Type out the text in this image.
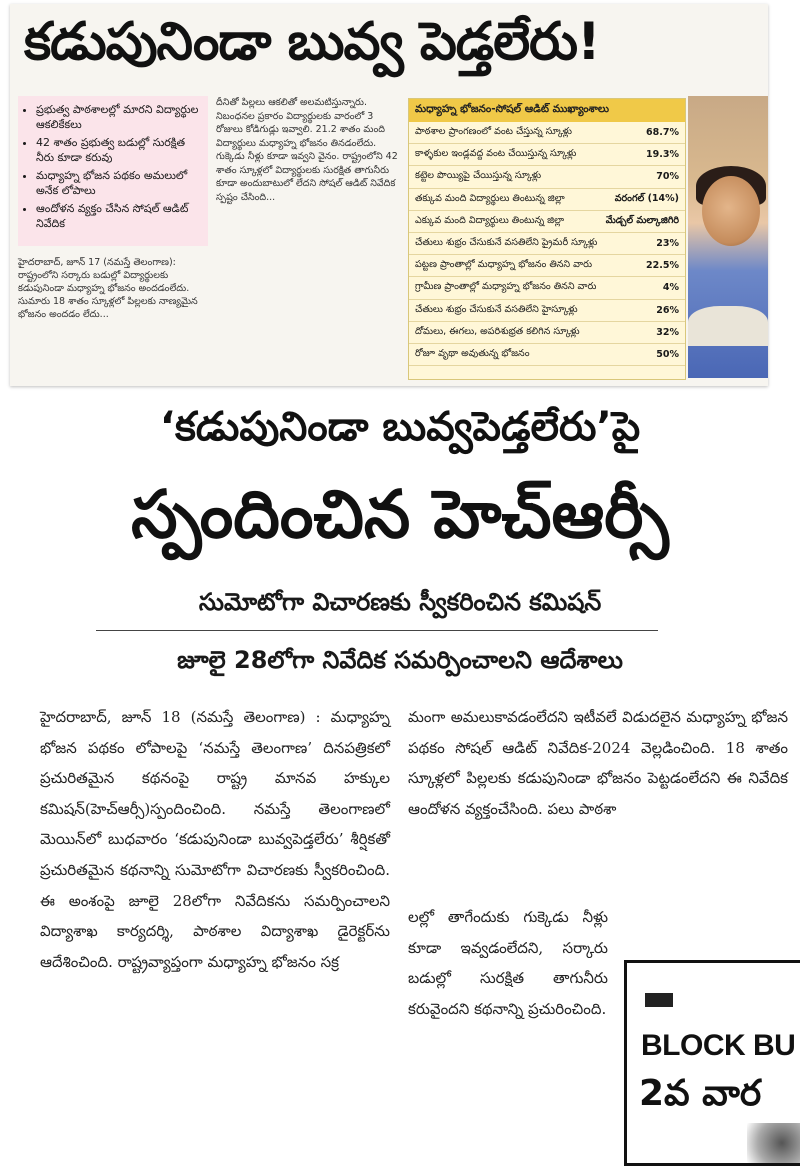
కడుపునిండా బువ్వ పెడ్తలేరు!
• ప్రభుత్వ పాఠశాలల్లో మారని విద్యార్థుల ఆకలికేకలు
• 42 శాతం ప్రభుత్వ బడుల్లో సురక్షిత నీరు కూడా కరువు
• మధ్యాహ్న భోజన పథకం అమలులో అనేక లోపాలు
• ఆందోళన వ్యక్తం చేసిన సోషల్ ఆడిట్ నివేదిక
హైదరాబాద్, జూన్ 17 (నమస్తే తెలంగాణ): రాష్ట్రంలోని సర్కారు బడుల్లో విద్యార్థులకు కడుపునిండా మధ్యాహ్న భోజనం అందడంలేదు. సుమారు 18 శాతం స్కూళ్లలో పిల్లలకు నాణ్యమైన భోజనం అందడం లేదు...
దీనితో పిల్లలు ఆకలితో అలమటిస్తున్నారు. నిబంధనల ప్రకారం విద్యార్థులకు వారంలో 3 రోజులు కోడిగుడ్లు ఇవ్వాలి. 21.2 శాతం మంది విద్యార్థులు మధ్యాహ్న భోజనం తినడంలేదు. గుక్కెడు నీళ్లు కూడా ఇవ్వని వైనం. రాష్ట్రంలోని 42 శాతం స్కూళ్లలో విద్యార్థులకు సురక్షిత తాగునీరు కూడా అందుబాటులో లేదని సోషల్ ఆడిట్ నివేదిక స్పష్టం చేసింది...
మధ్యాహ్న భోజనం-సోషల్ ఆడిట్ ముఖ్యాంశాలు
పాఠశాల ప్రాంగణంలో వంట చేస్తున్న స్కూళ్లు	68.7%
కాళ్ళకుల ఇండ్లవద్ద వంట చేయిస్తున్న స్కూళ్లు	19.3%
కట్టెల పొయ్యిపై చేయిస్తున్న స్కూళ్లు	70%
తక్కువ మంది విద్యార్థులు తింటున్న జిల్లా	వరంగల్ (14%)
ఎక్కువ మంది విద్యార్థులు తింటున్న జిల్లా	మేడ్చల్ మల్కాజిగిరి
చేతులు శుభ్రం చేసుకునే వసతిలేని ప్రైమరీ స్కూళ్లు	23%
పట్టణ ప్రాంతాల్లో మధ్యాహ్న భోజనం తినని వారు	22.5%
గ్రామీణ ప్రాంతాల్లో మధ్యాహ్న భోజనం తినని వారు	4%
చేతులు శుభ్రం చేసుకునే వసతిలేని హైస్కూళ్లు	26%
దోమలు, ఈగలు, అపరిశుభ్రత కలిగిన స్కూళ్లు	32%
రోజూ వృథా అవుతున్న భోజనం	50%
‘కడుపునిండా బువ్వపెడ్తలేరు’పై
స్పందించిన హెచ్‌ఆర్సీ
సుమోటోగా విచారణకు స్వీకరించిన కమిషన్
జూలై 28లోగా నివేదిక సమర్పించాలని ఆదేశాలు

హైదరాబాద్, జూన్ 18 (నమస్తే తెలంగాణ) : మధ్యాహ్న భోజన పథకం లోపాలపై ‘నమస్తే తెలంగాణ’ దినపత్రికలో ప్రచురితమైన కథనంపై రాష్ట్ర మానవ హక్కుల కమిషన్(హెచ్‌ఆర్సీ)స్పందించింది. నమస్తే తెలంగాణలో మెయిన్‌లో బుధవారం ‘కడుపునిండా బువ్వపెడ్తలేరు’ శీర్షికతో ప్రచురితమైన కథనాన్ని సుమోటోగా విచారణకు స్వీకరించింది. ఈ అంశంపై జూలై 28లోగా నివేదికను సమర్పించాలని విద్యాశాఖ కార్యదర్శి, పాఠశాల విద్యాశాఖ డైరెక్టర్‌ను ఆదేశించింది. రాష్ట్రవ్యాప్తంగా మధ్యాహ్న భోజనం సక్ర

మంగా అమలుకావడంలేదని ఇటీవలే విడుదలైన మధ్యాహ్న భోజన పథకం సోషల్ ఆడిట్ నివేదిక-2024 వెల్లడించింది. 18 శాతం స్కూళ్లలో పిల్లలకు కడుపునిండా భోజనం పెట్టడంలేదని ఈ నివేదిక ఆందోళన వ్యక్తంచేసింది. పలు పాఠశా

లల్లో తాగేందుకు గుక్కెడు నీళ్లు కూడా ఇవ్వడంలేదని, సర్కారు బడుల్లో సురక్షిత తాగునీరు కరువైందని కథనాన్ని ప్రచురించింది.

BLOCK BU
2వ వార
